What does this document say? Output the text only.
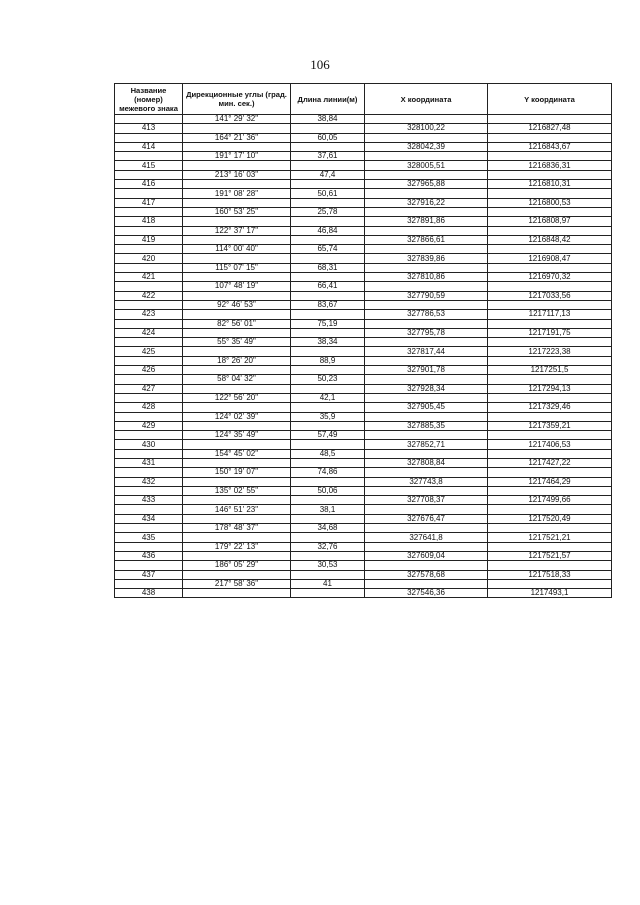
106
Название (номер) межевого знака	Дирекционные углы (град. мин. сек.)	Длина линии(м)	X координата	Y координата
	141° 29' 32"	38,84		
413			328100,22	1216827,48
	164° 21' 36"	60,05		
414			328042,39	1216843,67
	191° 17' 10"	37,61		
415			328005,51	1216836,31
	213° 16' 03"	47,4		
416			327965,88	1216810,31
	191° 08' 28"	50,61		
417			327916,22	1216800,53
	160° 53' 25"	25,78		
418			327891,86	1216808,97
	122° 37' 17"	46,84		
419			327866,61	1216848,42
	114° 00' 40"	65,74		
420			327839,86	1216908,47
	115° 07' 15"	68,31		
421			327810,86	1216970,32
	107° 48' 19"	66,41		
422			327790,59	1217033,56
	92° 46' 53"	83,67		
423			327786,53	1217117,13
	82° 56' 01"	75,19		
424			327795,78	1217191,75
	55° 35' 49"	38,34		
425			327817,44	1217223,38
	18° 26' 20"	88,9		
426			327901,78	1217251,5
	58° 04' 32"	50,23		
427			327928,34	1217294,13
	122° 56' 20"	42,1		
428			327905,45	1217329,46
	124° 02' 39"	35,9		
429			327885,35	1217359,21
	124° 35' 49"	57,49		
430			327852,71	1217406,53
	154° 45' 02"	48,5		
431			327808,84	1217427,22
	150° 19' 07"	74,86		
432			327743,8	1217464,29
	135° 02' 55"	50,06		
433			327708,37	1217499,66
	146° 51' 23"	38,1		
434			327676,47	1217520,49
	178° 48' 37"	34,68		
435			327641,8	1217521,21
	179° 22' 13"	32,76		
436			327609,04	1217521,57
	186° 05' 29"	30,53		
437			327578,68	1217518,33
	217° 58' 36"	41		
438			327546,36	1217493,1
